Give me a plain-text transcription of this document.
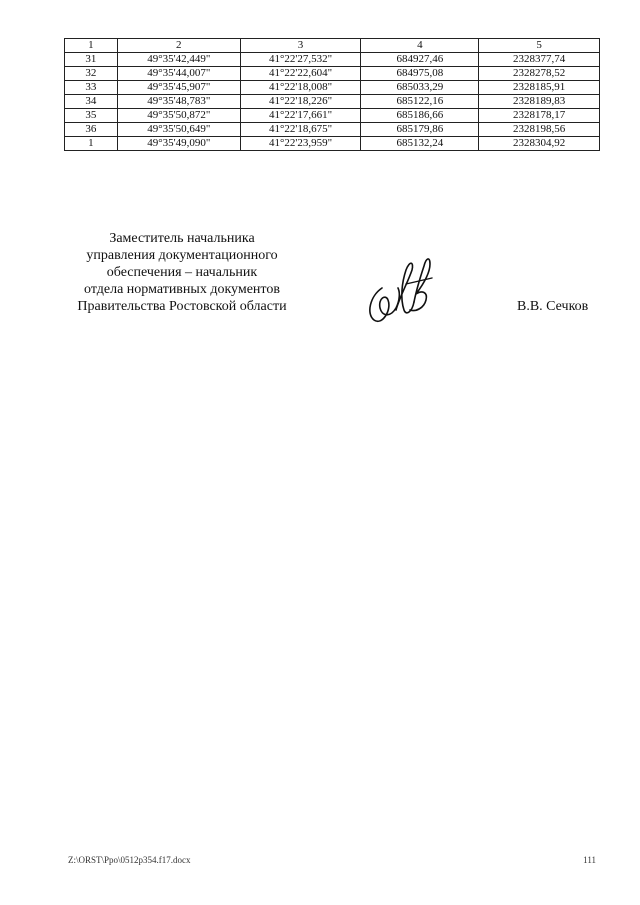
1	2	3	4	5
31	49°35'42,449"	41°22'27,532"	684927,46	2328377,74
32	49°35'44,007"	41°22'22,604"	684975,08	2328278,52
33	49°35'45,907"	41°22'18,008"	685033,29	2328185,91
34	49°35'48,783"	41°22'18,226"	685122,16	2328189,83
35	49°35'50,872"	41°22'17,661"	685186,66	2328178,17
36	49°35'50,649"	41°22'18,675"	685179,86	2328198,56
1	49°35'49,090"	41°22'23,959"	685132,24	2328304,92
Заместитель начальника
управления документационного
обеспечения – начальник
отдела нормативных документов
Правительства Ростовской области	В.В. Сечков
Z:\ORST\Ppo\0512p354.f17.docx	111
